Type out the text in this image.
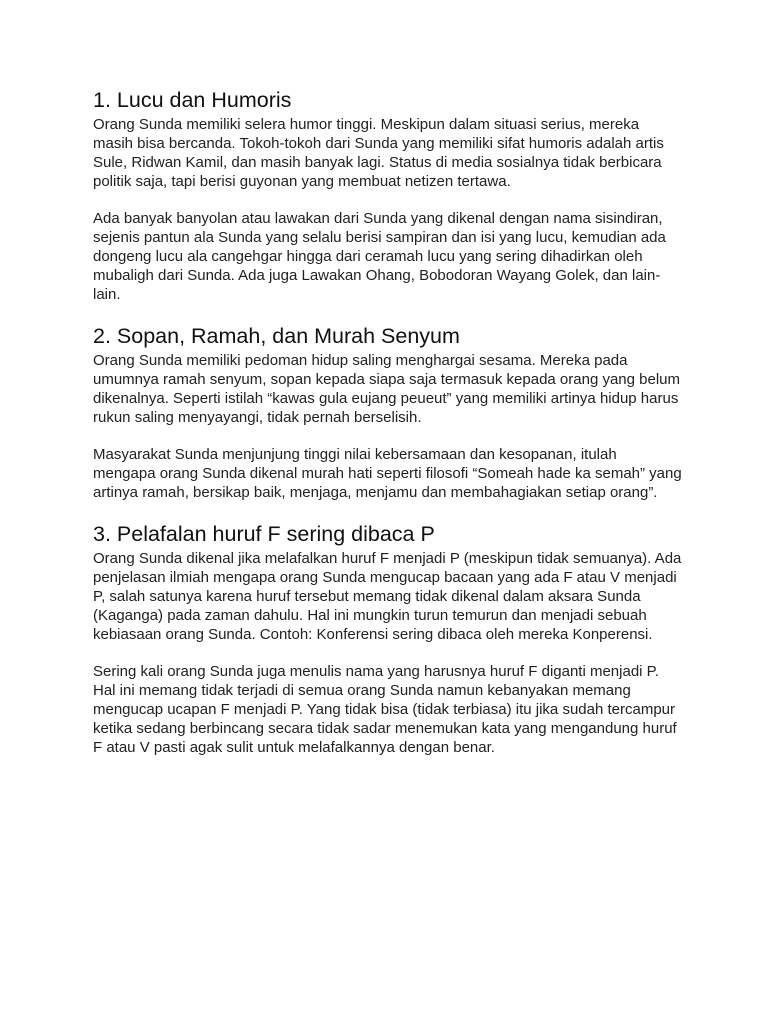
1. Lucu dan Humoris

Orang Sunda memiliki selera humor tinggi. Meskipun dalam situasi serius, mereka masih bisa bercanda. Tokoh-tokoh dari Sunda yang memiliki sifat humoris adalah artis Sule, Ridwan Kamil, dan masih banyak lagi. Status di media sosialnya tidak berbicara politik saja, tapi berisi guyonan yang membuat netizen tertawa.

Ada banyak banyolan atau lawakan dari Sunda yang dikenal dengan nama sisindiran, sejenis pantun ala Sunda yang selalu berisi sampiran dan isi yang lucu, kemudian ada dongeng lucu ala cangehgar hingga dari ceramah lucu yang sering dihadirkan oleh mubaligh dari Sunda. Ada juga Lawakan Ohang, Bobodoran Wayang Golek, dan lain-lain.

2. Sopan, Ramah, dan Murah Senyum

Orang Sunda memiliki pedoman hidup saling menghargai sesama. Mereka pada umumnya ramah senyum, sopan kepada siapa saja termasuk kepada orang yang belum dikenalnya. Seperti istilah “kawas gula eujang peueut” yang memiliki artinya hidup harus rukun saling menyayangi, tidak pernah berselisih.

Masyarakat Sunda menjunjung tinggi nilai kebersamaan dan kesopanan, itulah mengapa orang Sunda dikenal murah hati seperti filosofi “Someah hade ka semah” yang artinya ramah, bersikap baik, menjaga, menjamu dan membahagiakan setiap orang”.

3. Pelafalan huruf F sering dibaca P

Orang Sunda dikenal jika melafalkan huruf F menjadi P (meskipun tidak semuanya). Ada penjelasan ilmiah mengapa orang Sunda mengucap bacaan yang ada F atau V menjadi P, salah satunya karena huruf tersebut memang tidak dikenal dalam aksara Sunda (Kaganga) pada zaman dahulu. Hal ini mungkin turun temurun dan menjadi sebuah kebiasaan orang Sunda. Contoh: Konferensi sering dibaca oleh mereka Konperensi.

Sering kali orang Sunda juga menulis nama yang harusnya huruf F diganti menjadi P. Hal ini memang tidak terjadi di semua orang Sunda namun kebanyakan memang mengucap ucapan F menjadi P. Yang tidak bisa (tidak terbiasa) itu jika sudah tercampur ketika sedang berbincang secara tidak sadar menemukan kata yang mengandung huruf F atau V pasti agak sulit untuk melafalkannya dengan benar.
